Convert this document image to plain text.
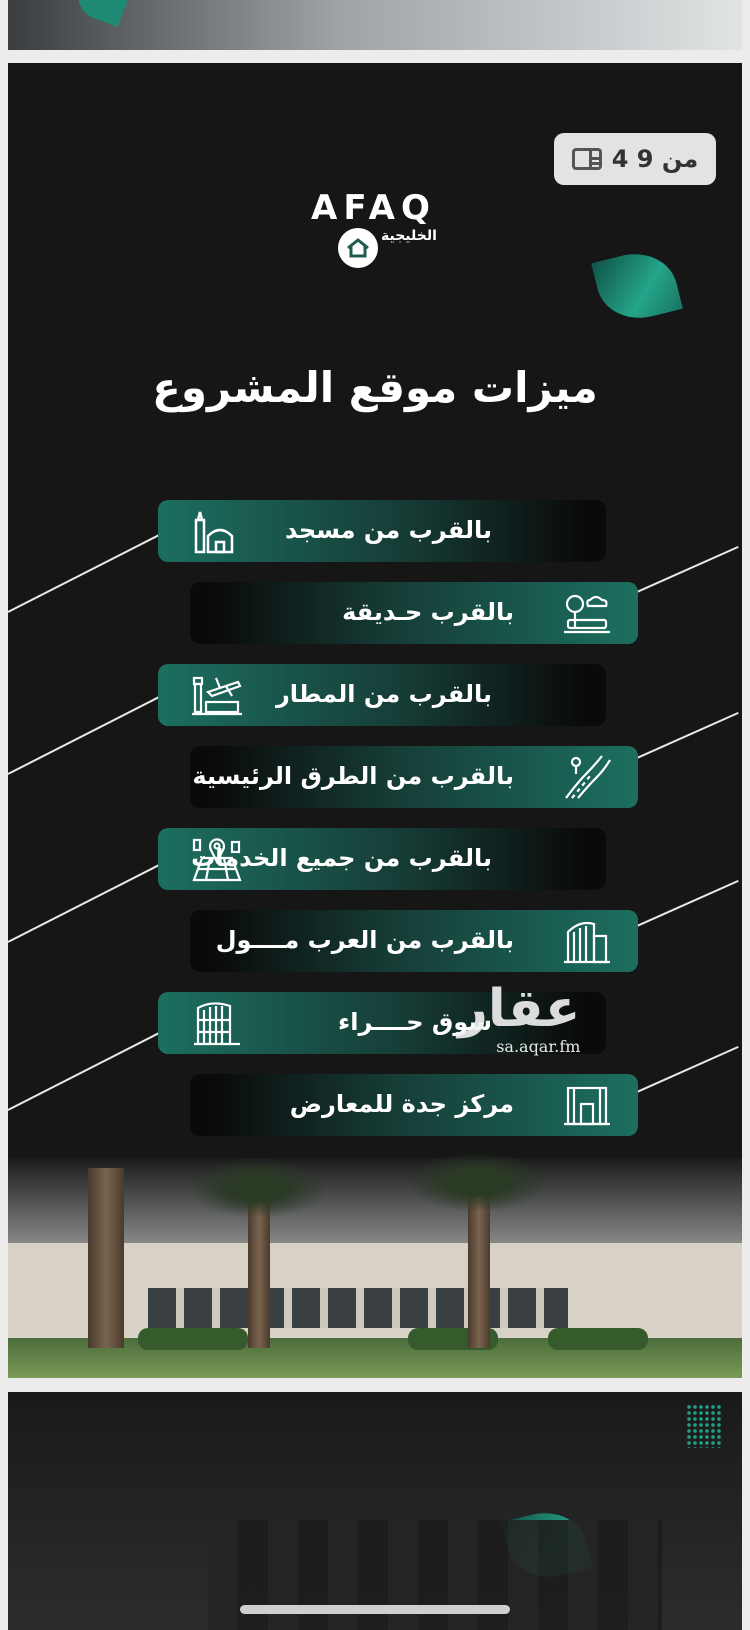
4 من 9
AFAQ
الخليجية
ميزات موقع المشروع
بالقرب من مسجد
بالقرب حـديقة
بالقرب من المطار
بالقرب من الطرق الرئيسية
بالقرب من جميع الخدمات
بالقرب من العرب مــــول
سوق حــــراء
مركز جدة للمعارض
عقار
sa.aqar.fm
